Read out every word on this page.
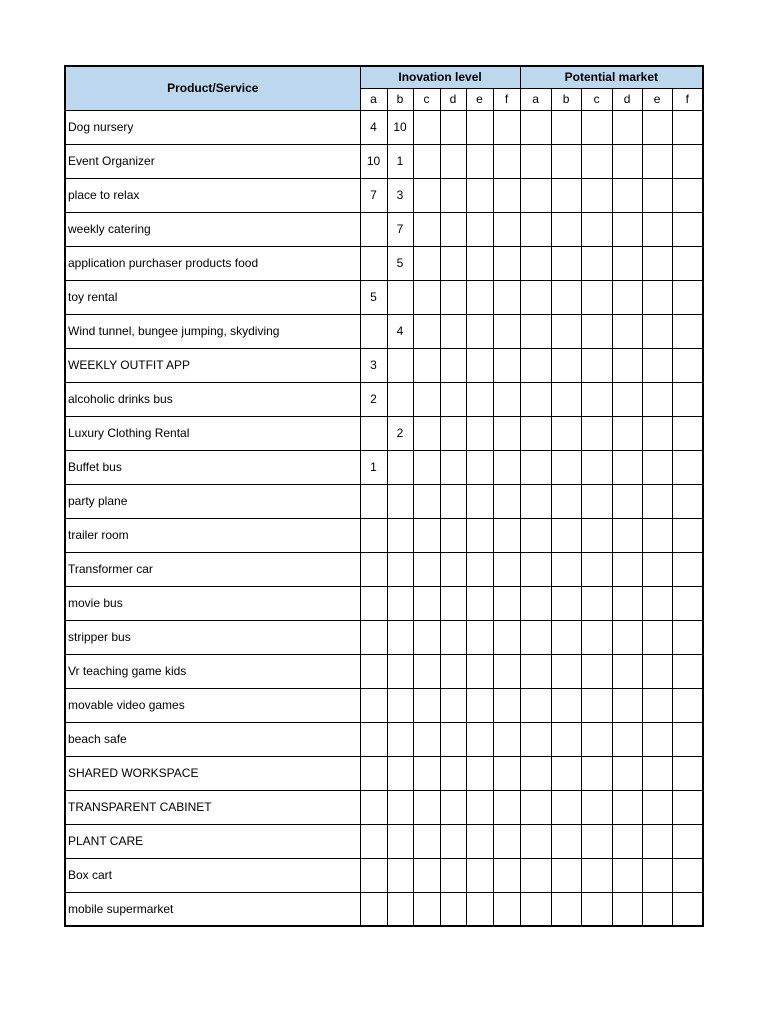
Product/Service	Inovation level						Potential market					
	a	b	c	d	e	f	a	b	c	d	e	f
Dog nursery	4	10										
Event Organizer	10	1										
place to relax	7	3										
weekly catering		7										
application purchaser products food		5										
toy rental	5											
Wind tunnel, bungee jumping, skydiving		4										
WEEKLY OUTFIT APP	3											
alcoholic drinks bus	2											
Luxury Clothing Rental		2										
Buffet bus	1											
party plane												
trailer room												
Transformer car												
movie bus												
stripper bus												
Vr teaching game kids												
movable video games												
beach safe												
SHARED WORKSPACE												
TRANSPARENT CABINET												
PLANT CARE												
Box cart												
mobile supermarket												
